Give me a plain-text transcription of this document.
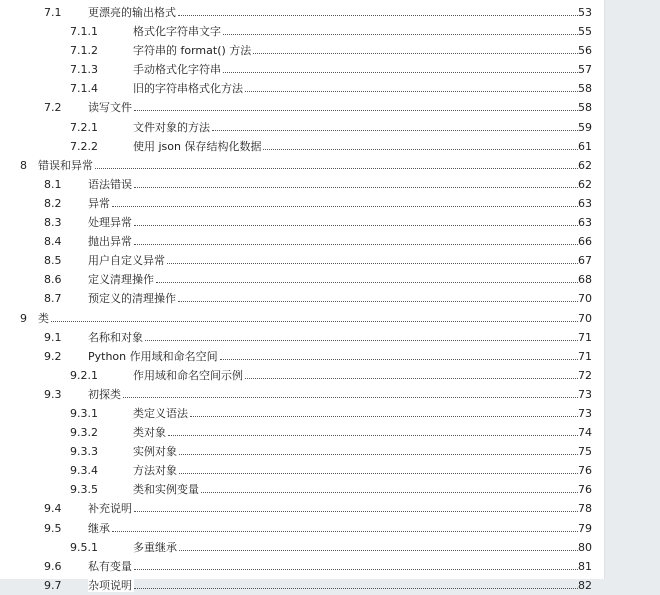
7.1 更漂亮的输出格式	53
7.1.1	格式化字符串文字	55
7.1.2	字符串的 format() 方法	56
7.1.3	手动格式化字符串	57
7.1.4	旧的字符串格式化方法	58
7.2 读写文件	58
7.2.1	文件对象的方法	59
7.2.2	使用 json 保存结构化数据	61
8 错误和异常	62
8.1 语法错误	62
8.2 异常	63
8.3 处理异常	63
8.4 抛出异常	66
8.5 用户自定义异常	67
8.6 定义清理操作	68
8.7 预定义的清理操作	70
9 类	70
9.1 名称和对象	71
9.2 Python 作用域和命名空间	71
9.2.1	作用域和命名空间示例	72
9.3 初探类	73
9.3.1	类定义语法	73
9.3.2	类对象	74
9.3.3	实例对象	75
9.3.4	方法对象	76
9.3.5	类和实例变量	76
9.4 补充说明	78
9.5 继承	79
9.5.1	多重继承	80
9.6 私有变量	81
9.7 杂项说明	82
